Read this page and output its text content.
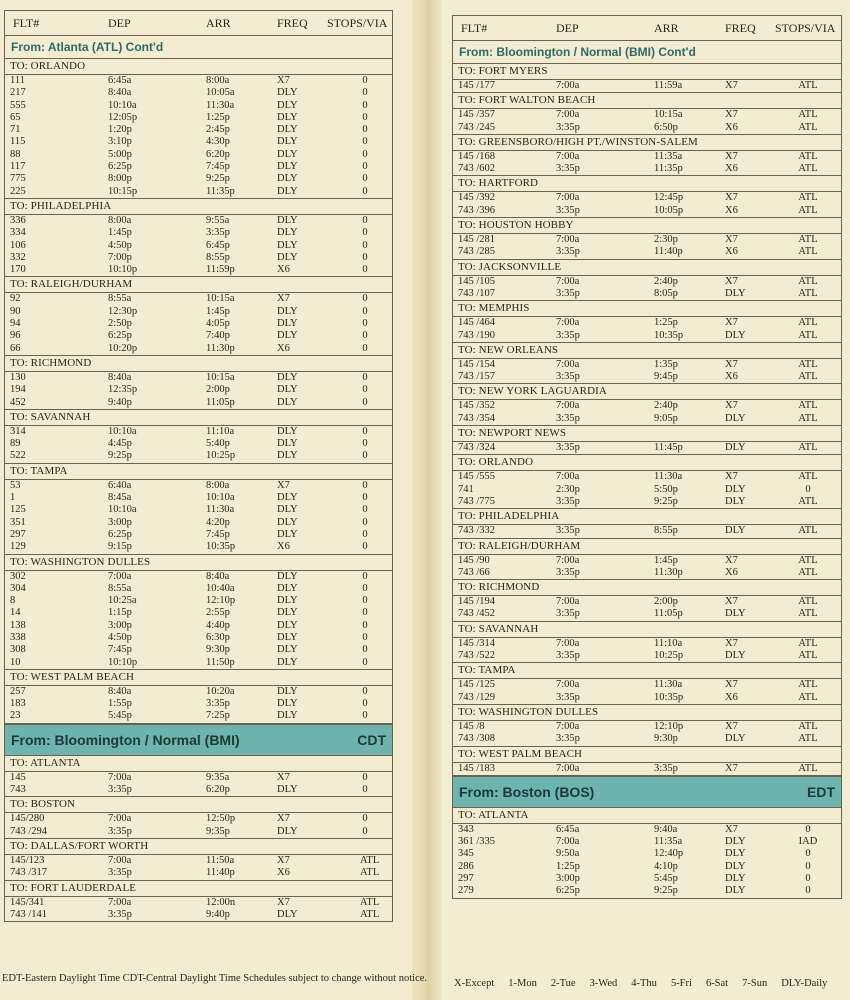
FLT#	DEP	ARR	FREQ STOPS/VIA
From: Atlanta (ATL) Cont'd
TO: ORLANDO
111	6:45a	8:00a	X7	0
217	8:40a	10:05a	DLY	0
555	10:10a	11:30a	DLY	0
65	12:05p	1:25p	DLY	0
71	1:20p	2:45p	DLY	0
115	3:10p	4:30p	DLY	0
88	5:00p	6:20p	DLY	0
117	6:25p	7:45p	DLY	0
775	8:00p	9:25p	DLY	0
225	10:15p	11:35p	DLY	0
TO: PHILADELPHIA
336	8:00a	9:55a	DLY	0
334	1:45p	3:35p	DLY	0
106	4:50p	6:45p	DLY	0
332	7:00p	8:55p	DLY	0
170	10:10p	11:59p	X6	0
TO: RALEIGH/DURHAM
92	8:55a	10:15a	X7	0
90	12:30p	1:45p	DLY	0
94	2:50p	4:05p	DLY	0
96	6:25p	7:40p	DLY	0
66	10:20p	11:30p	X6	0
TO: RICHMOND
130	8:40a	10:15a	DLY	0
194	12:35p	2:00p	DLY	0
452	9:40p	11:05p	DLY	0
TO: SAVANNAH
314	10:10a	11:10a	DLY	0
89	4:45p	5:40p	DLY	0
522	9:25p	10:25p	DLY	0
TO: TAMPA
53	6:40a	8:00a	X7	0
1	8:45a	10:10a	DLY	0
125	10:10a	11:30a	DLY	0
351	3:00p	4:20p	DLY	0
297	6:25p	7:45p	DLY	0
129	9:15p	10:35p	X6	0
TO: WASHINGTON DULLES
302	7:00a	8:40a	DLY	0
304	8:55a	10:40a	DLY	0
8	10:25a	12:10p	DLY	0
14	1:15p	2:55p	DLY	0
138	3:00p	4:40p	DLY	0
338	4:50p	6:30p	DLY	0
308	7:45p	9:30p	DLY	0
10	10:10p	11:50p	DLY	0
TO: WEST PALM BEACH
257	8:40a	10:20a	DLY	0
183	1:55p	3:35p	DLY	0
23	5:45p	7:25p	DLY	0
From: Bloomington / Normal (BMI)	CDT
TO: ATLANTA
145	7:00a	9:35a	X7	0
743	3:35p	6:20p	DLY	0
TO: BOSTON
145/280	7:00a	12:50p	X7	0
743 /294	3:35p	9:35p	DLY	0
TO: DALLAS/FORT WORTH
145/123	7:00a	11:50a	X7	ATL
743 /317	3:35p	11:40p	X6	ATL
TO: FORT LAUDERDALE
145/341	7:00a	12:00n	X7	ATL
743 /141	3:35p	9:40p	DLY	ATL
EDT-Eastern Daylight Time CDT-Central Daylight Time Schedules subject to change without notice.
FLT#	DEP	ARR	FREQ STOPS/VIA
From: Bloomington / Normal (BMI) Cont'd
TO: FORT MYERS
145 /177	7:00a	11:59a	X7	ATL
TO: FORT WALTON BEACH
145 /357	7:00a	10:15a	X7	ATL
743 /245	3:35p	6:50p	X6	ATL
TO: GREENSBORO/HIGH PT./WINSTON-SALEM
145 /168	7:00a	11:35a	X7	ATL
743 /602	3:35p	11:35p	X6	ATL
TO: HARTFORD
145 /392	7:00a	12:45p	X7	ATL
743 /396	3:35p	10:05p	X6	ATL
TO: HOUSTON HOBBY
145 /281	7:00a	2:30p	X7	ATL
743 /285	3:35p	11:40p	X6	ATL
TO: JACKSONVILLE
145 /105	7:00a	2:40p	X7	ATL
743 /107	3:35p	8:05p	DLY	ATL
TO: MEMPHIS
145 /464	7:00a	1:25p	X7	ATL
743 /190	3:35p	10:35p	DLY	ATL
TO: NEW ORLEANS
145 /154	7:00a	1:35p	X7	ATL
743 /157	3:35p	9:45p	X6	ATL
TO: NEW YORK LAGUARDIA
145 /352	7:00a	2:40p	X7	ATL
743 /354	3:35p	9:05p	DLY	ATL
TO: NEWPORT NEWS
743 /324	3:35p	11:45p	DLY	ATL
TO: ORLANDO
145 /555	7:00a	11:30a	X7	ATL
741	2:30p	5:50p	DLY	0
743 /775	3:35p	9:25p	DLY	ATL
TO: PHILADELPHIA
743 /332	3:35p	8:55p	DLY	ATL
TO: RALEIGH/DURHAM
145 /90	7:00a	1:45p	X7	ATL
743 /66	3:35p	11:30p	X6	ATL
TO: RICHMOND
145 /194	7:00a	2:00p	X7	ATL
743 /452	3:35p	11:05p	DLY	ATL
TO: SAVANNAH
145 /314	7:00a	11:10a	X7	ATL
743 /522	3:35p	10:25p	DLY	ATL
TO: TAMPA
145 /125	7:00a	11:30a	X7	ATL
743 /129	3:35p	10:35p	X6	ATL
TO: WASHINGTON DULLES
145 /8	7:00a	12:10p	X7	ATL
743 /308	3:35p	9:30p	DLY	ATL
TO: WEST PALM BEACH
145 /183	7:00a	3:35p	X7	ATL
From: Boston (BOS)	EDT
TO: ATLANTA
343	6:45a	9:40a	X7	0
361 /335	7:00a	11:35a	DLY	IAD
345	9:50a	12:40p	DLY	0
286	1:25p	4:10p	DLY	0
297	3:00p	5:45p	DLY	0
279	6:25p	9:25p	DLY	0
X-Except 1-Mon 2-Tue 3-Wed 4-Thu 5-Fri 6-Sat 7-Sun DLY-Daily
